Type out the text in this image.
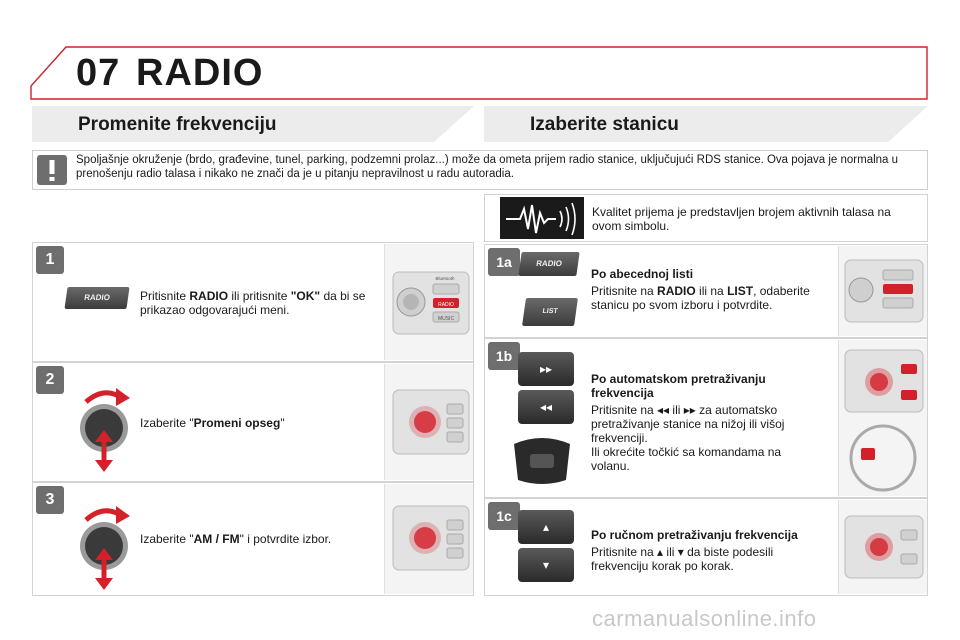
07 RADIO
Promenite frekvenciju	Izaberite stanicu
Spoljašnje okruženje (brdo, građevine, tunel, parking, podzemni prolaz...) može da ometa prijem radio stanice, uključujući RDS stanice. Ova pojava je normalna u prenošenju radio talasa i nikako ne znači da je u pitanju nepravilnost u radu autoradia.
1
2
3
RADIO	Pritisnite RADIO ili pritisnite "OK" da bi se prikazao odgovarajući meni.
Izaberite "Promeni opseg"
Izaberite "AM / FM" i potvrdite izbor.
RADIO
MUSIC
Bluetooth
Kvalitet prijema je predstavljen brojem aktivnih talasa na ovom simbolu.
1a
1b
1c
RADIO
LIST
Po abecednoj listi
Pritisnite na RADIO ili na LIST, odaberite stanicu po svom izboru i potvrdite.
▸▸
◂◂
Po automatskom pretraživanju frekvencija
Pritisnite na ◂◂ ili ▸▸ za automatsko pretraživanje stanice na nižoj ili višoj frekvenciji.
Ili okrećite točkić sa komandama na volanu.
▴
▾
Po ručnom pretraživanju frekvencija
Pritisnite na ▴ ili ▾ da biste podesili frekvenciju korak po korak.
carmanualsonline.info
